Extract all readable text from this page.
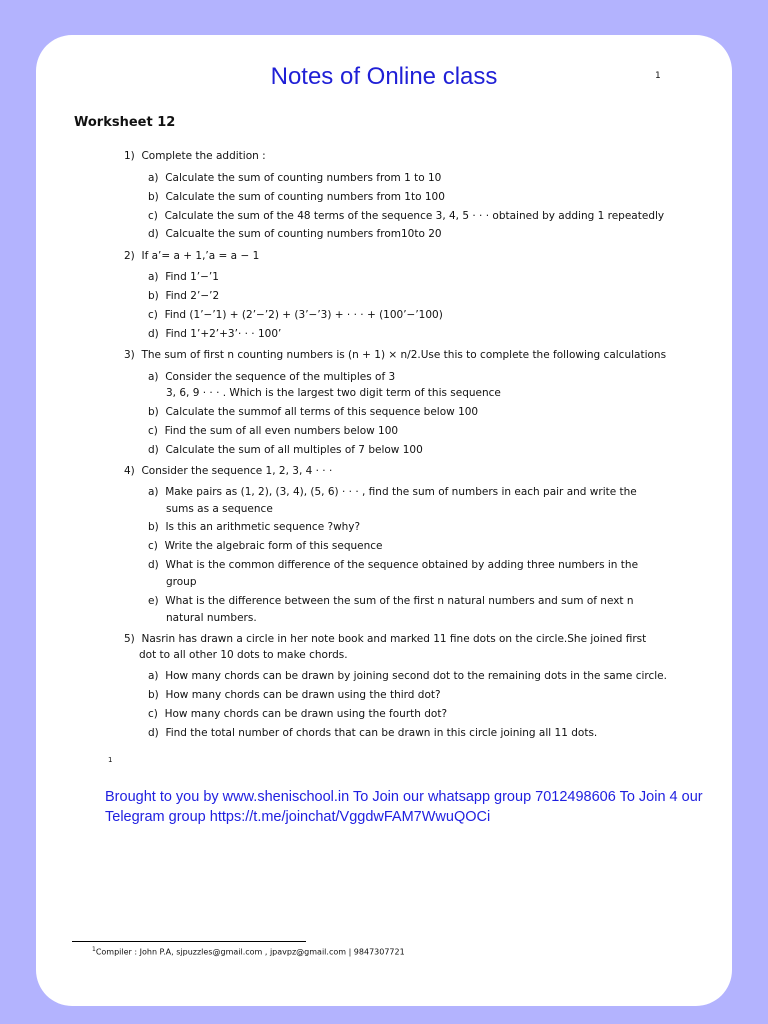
Notes of Online class	1
Worksheet 12
1) Complete the addition :
a) Calculate the sum of counting numbers from 1 to 10
b) Calculate the sum of counting numbers from 1to 100
c) Calculate the sum of the 48 terms of the sequence 3, 4, 5 · · · obtained by adding 1 repeatedly
d) Calcualte the sum of counting numbers from10to 20
2) If a’= a + 1,’a = a − 1
a) Find 1’−’1
b) Find 2’−’2
c) Find (1’−’1) + (2’−’2) + (3’−’3) + · · · + (100’−’100)
d) Find 1’+2’+3’· · · 100’
3) The sum of first n counting numbers is (n + 1) × n/2.Use this to complete the following calculations
a) Consider the sequence of the multiples of 3
3, 6, 9 · · · . Which is the largest two digit term of this sequence
b) Calculate the summof all terms of this sequence below 100
c) Find the sum of all even numbers below 100
d) Calculate the sum of all multiples of 7 below 100
4) Consider the sequence 1, 2, 3, 4 · · ·
a) Make pairs as (1, 2), (3, 4), (5, 6) · · · , find the sum of numbers in each pair and write the
sums as a sequence
b) Is this an arithmetic sequence ?why?
c) Write the algebraic form of this sequence
d) What is the common difference of the sequence obtained by adding three numbers in the
group
e) What is the difference between the sum of the first n natural numbers and sum of next n
natural numbers.
5) Nasrin has drawn a circle in her note book and marked 11 fine dots on the circle.She joined first
dot to all other 10 dots to make chords.
a) How many chords can be drawn by joining second dot to the remaining dots in the same circle.
b) How many chords can be drawn using the third dot?
c) How many chords can be drawn using the fourth dot?
d) Find the total number of chords that can be drawn in this circle joining all 11 dots.
1
Brought to you by www.shenischool.in To Join our whatsapp group 7012498606 To Join 4 our Telegram group https://t.me/joinchat/VggdwFAM7WwuQOCi
$^1$Compiler : John P.A, sjpuzzles@gmail.com , jpavpz@gmail.com | 9847307721
